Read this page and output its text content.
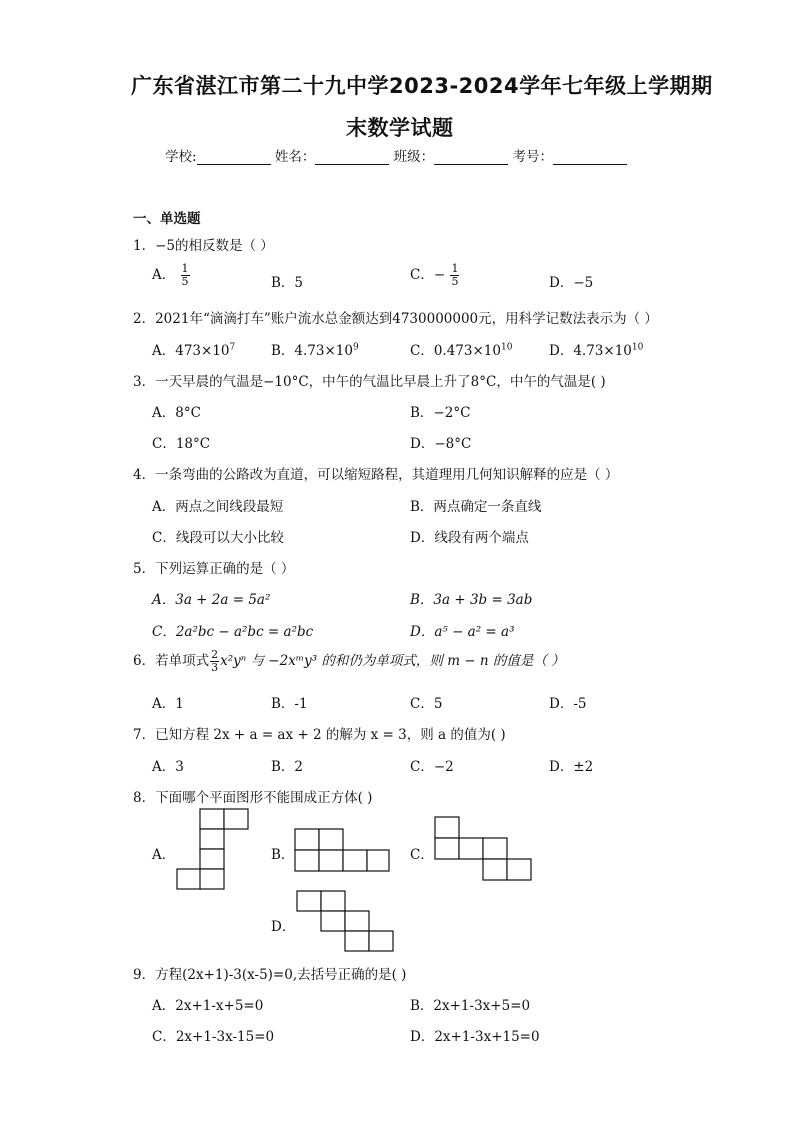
广东省湛江市第二十九中学2023-2024学年七年级上学期期
末数学试题
学校:	姓名：	班级：	考号：
一、单选题
1．−5的相反数是（ ）
A． $\frac{1}{5}$	B．5	C．− $\frac{1}{5}$	D．−5
2．2021年“滴滴打车”账户流水总金额达到4730000000元，用科学记数法表示为（ ）
A．$473\times 10^7$	B．$4.73\times 10^9$	C．$0.473\times 10^{10}$	D．$4.73\times 10^{10}$
3．一天早晨的气温是−10°C，中午的气温比早晨上升了8°C，中午的气温是( )
A．8°C	B．−2°C
C．18°C	D．−8°C
4．一条弯曲的公路改为直道，可以缩短路程，其道理用几何知识解释的应是（ ）
A．两点之间线段最短	B．两点确定一条直线
C．线段可以大小比较	D．线段有两个端点
5．下列运算正确的是（ ）
A．3a + 2a = 5a²	B．3a + 3b = 3ab
C．2a²bc − a²bc = a²bc	D．a⁵ − a² = a³
6．若单项式 $\frac{2}{3} x^2y^n$ 与 −2xᵐy³ 的和仍为单项式，则 m − n 的值是（ ）
A．1	B．-1	C．5	D．-5
7．已知方程 2x + a = ax + 2 的解为 x = 3，则 a 的值为( )
A．3	B．2	C．−2	D．±2
8．下面哪个平面图形不能围成正方体( )
A．	B．	C．
D．
9．方程(2x+1)-3(x-5)=0,去括号正确的是( )
A．2x+1-x+5=0	B．2x+1-3x+5=0
C．2x+1-3x-15=0	D．2x+1-3x+15=0
